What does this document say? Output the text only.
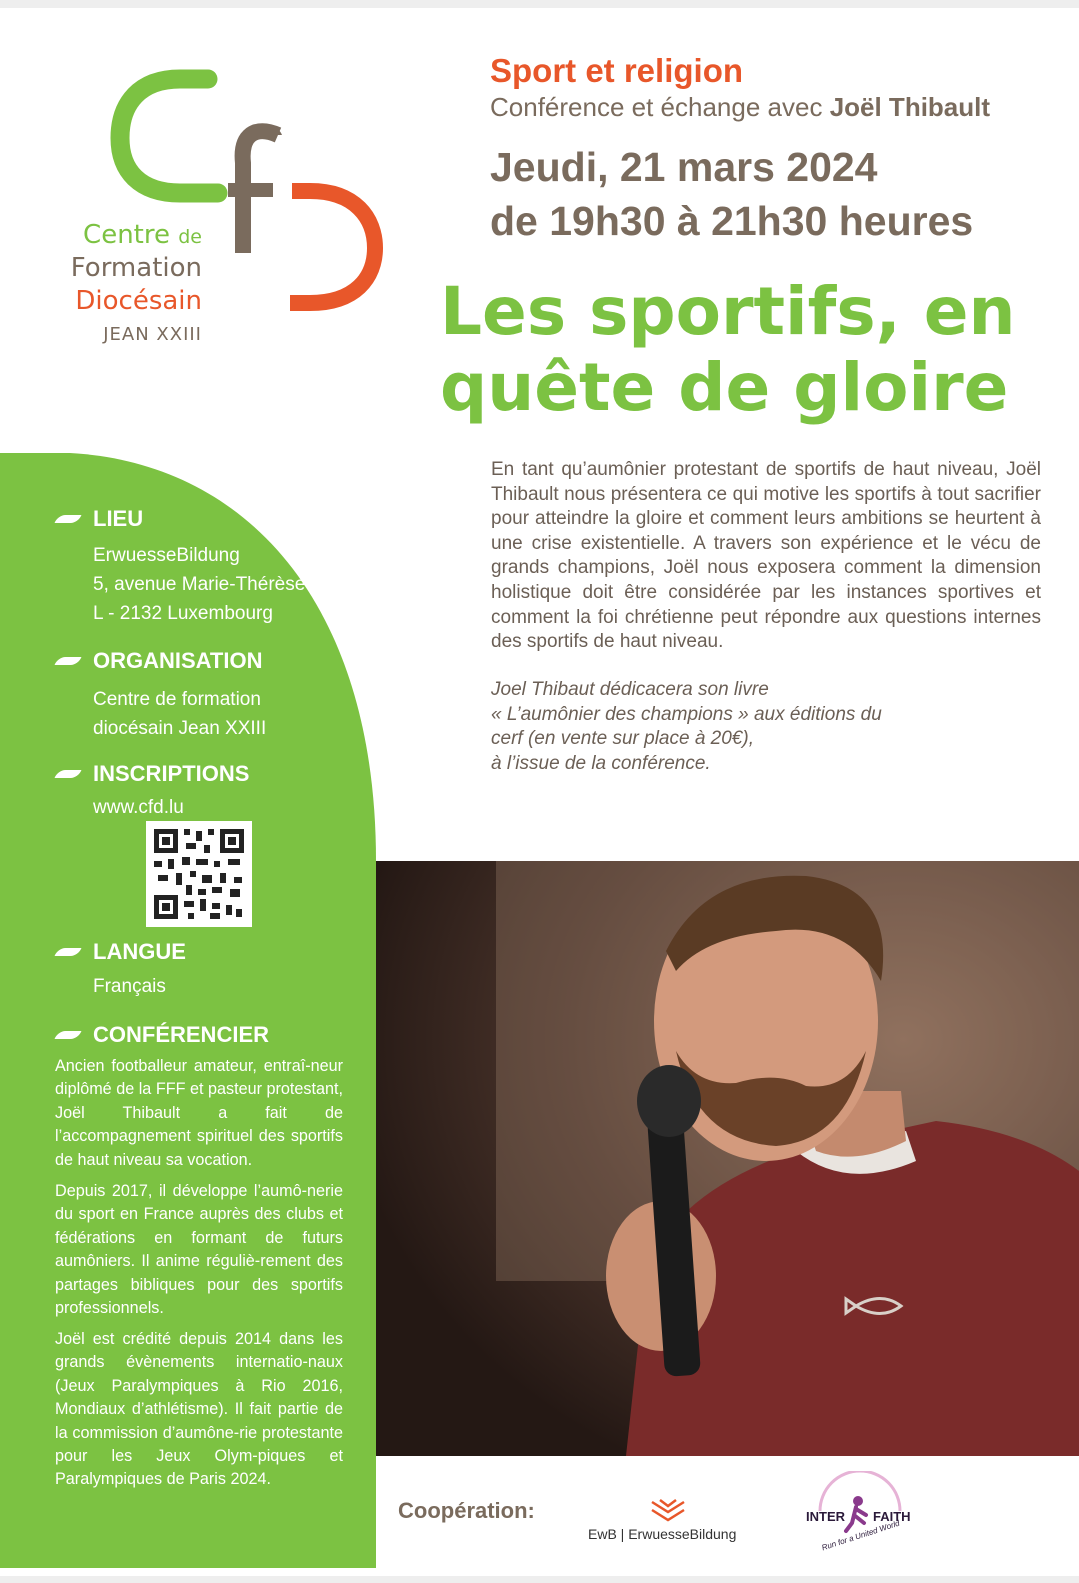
Centre de
Formation
Diocésain
JEAN XXIII
Sport et religion
Conférence et échange avec Joël Thibault
Jeudi, 21 mars 2024
de 19h30 à 21h30 heures
Les sportifs, en
quête de gloire
En tant qu’aumônier protestant de sportifs de haut niveau, Joël Thibault nous présentera ce qui motive les sportifs à tout sacrifier pour atteindre la gloire et comment leurs ambitions se heurtent à une crise existentielle. A travers son expérience et le vécu de grands champions, Joël nous exposera comment la dimension holistique doit être considérée par les instances sportives et comment la foi chrétienne peut répondre aux questions internes des sportifs de haut niveau.
Joel Thibaut dédicacera son livre
« L’aumônier des champions » aux éditions du
cerf (en vente sur place à 20€),
à l’issue de la conférence.
LIEU
ErwuesseBildung
5, avenue Marie-Thérèse
L - 2132 Luxembourg
ORGANISATION
Centre de formation
diocésain Jean XXIII
INSCRIPTIONS
www.cfd.lu
LANGUE
Français
CONFÉRENCIER
Ancien footballeur amateur, entraî-neur diplômé de la FFF et pasteur protestant, Joël Thibault a fait de l’accompagnement spirituel des sportifs de haut niveau sa vocation.
Depuis 2017, il développe l’aumô-nerie du sport en France auprès des clubs et fédérations en formant de futurs aumôniers. Il anime réguliè-rement des partages bibliques pour des sportifs professionnels.
Joël est crédité depuis 2014 dans les grands évènements internatio-naux (Jeux Paralympiques à Rio 2016, Mondiaux d’athlétisme). Il fait partie de la commission d’aumône-rie protestante pour les Jeux Olym-piques et Paralympiques de Paris 2024.
Coopération:
EwB | ErwuesseBildung
INTER FAITH
Run for a United World
